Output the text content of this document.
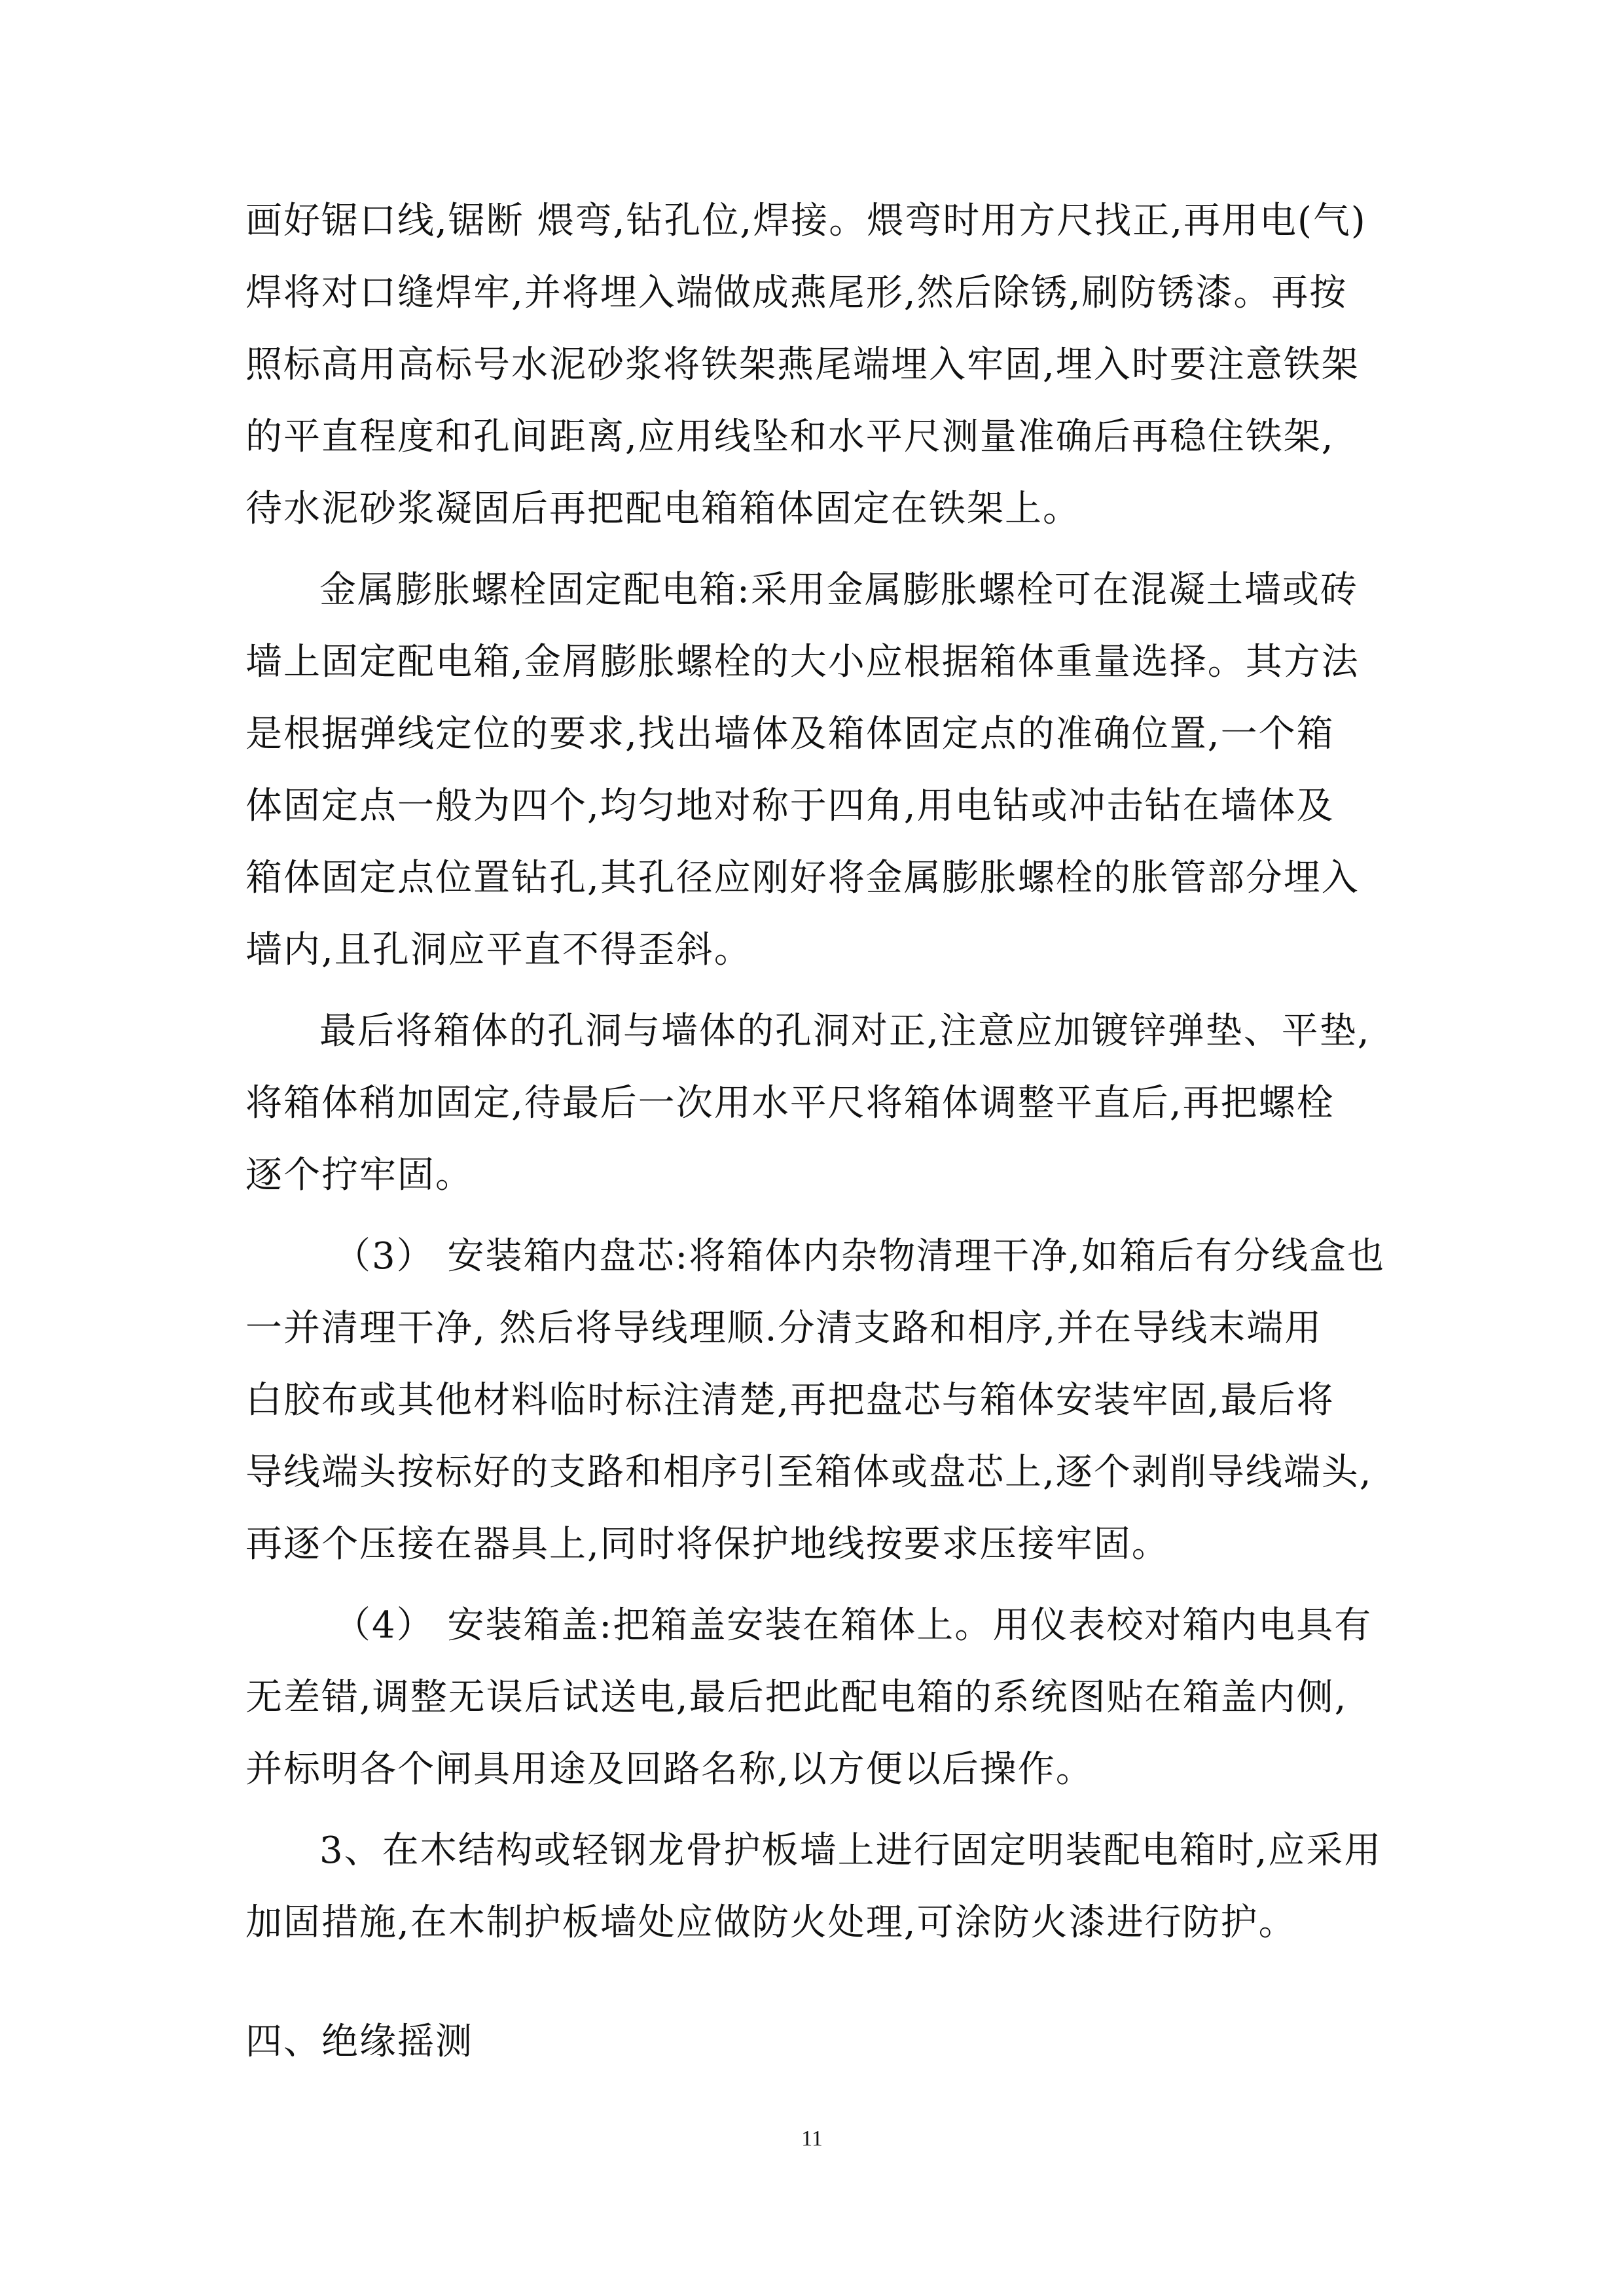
画好锯口线,锯断 煨弯,钻孔位,焊接。煨弯时用方尺找正,再用电(气)
焊将对口缝焊牢,并将埋入端做成燕尾形,然后除锈,刷防锈漆。再按
照标高用高标号水泥砂浆将铁架燕尾端埋入牢固,埋入时要注意铁架
的平直程度和孔间距离,应用线坠和水平尺测量准确后再稳住铁架,
待水泥砂浆凝固后再把配电箱箱体固定在铁架上。
金属膨胀螺栓固定配电箱:采用金属膨胀螺栓可在混凝土墙或砖
墙上固定配电箱,金屑膨胀螺栓的大小应根据箱体重量选择。其方法
是根据弹线定位的要求,找出墙体及箱体固定点的准确位置,一个箱
体固定点一般为四个,均匀地对称于四角,用电钻或冲击钻在墙体及
箱体固定点位置钻孔,其孔径应刚好将金属膨胀螺栓的胀管部分埋入
墙内,且孔洞应平直不得歪斜。
最后将箱体的孔洞与墙体的孔洞对正,注意应加镀锌弹垫、平垫,
将箱体稍加固定,待最后一次用水平尺将箱体调整平直后,再把螺栓
逐个拧牢固。
（3） 安装箱内盘芯:将箱体内杂物清理干净,如箱后有分线盒也
一并清理干净, 然后将导线理顺.分清支路和相序,并在导线末端用
白胶布或其他材料临时标注清楚,再把盘芯与箱体安装牢固,最后将
导线端头按标好的支路和相序引至箱体或盘芯上,逐个剥削导线端头,
再逐个压接在器具上,同时将保护地线按要求压接牢固。
（4） 安装箱盖:把箱盖安装在箱体上。用仪表校对箱内电具有
无差错,调整无误后试送电,最后把此配电箱的系统图贴在箱盖内侧,
并标明各个闸具用途及回路名称,以方便以后操作。
3、在木结构或轻钢龙骨护板墙上进行固定明装配电箱时,应采用
加固措施,在木制护板墙处应做防火处理,可涂防火漆进行防护。
四、绝缘摇测
11
